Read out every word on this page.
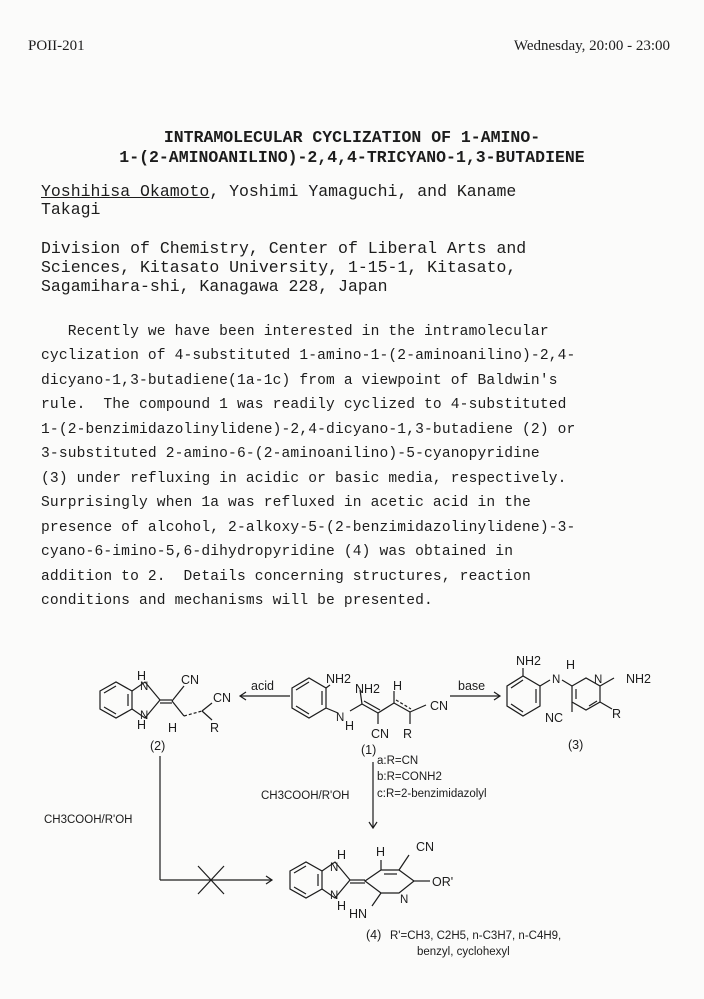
POII-201	Wednesday, 20:00 - 23:00
INTRAMOLECULAR CYCLIZATION OF 1-AMINO-
1-(2-AMINOANILINO)-2,4,4-TRICYANO-1,3-BUTADIENE
Yoshihisa Okamoto, Yoshimi Yamaguchi, and Kaname
Takagi
Division of Chemistry, Center of Liberal Arts and
Sciences, Kitasato University, 1-15-1, Kitasato,
Sagamihara-shi, Kanagawa 228, Japan
Recently we have been interested in the intramolecular
cyclization of 4-substituted 1-amino-1-(2-aminoanilino)-2,4-
dicyano-1,3-butadiene(1a-1c) from a viewpoint of Baldwin's
rule.  The compound 1 was readily cyclized to 4-substituted
1-(2-benzimidazolinylidene)-2,4-dicyano-1,3-butadiene (2) or
3-substituted 2-amino-6-(2-aminoanilino)-5-cyanopyridine
(3) under refluxing in acidic or basic media, respectively.
Surprisingly when 1a was refluxed in acetic acid in the
presence of alcohol, 2-alkoxy-5-(2-benzimidazolinylidene)-3-
cyano-6-imino-5,6-dihydropyridine (4) was obtained in
addition to 2.  Details concerning structures, reaction
conditions and mechanisms will be presented.
H
H
N
N
CN
CN
H	R
(2)
acid	NH2
NH2
N
H
H
CN
CN R
(1)
a:R=CN
b:R=CONH2
c:R=2-benzimidazolyl
base
NH2 H
N	N NH2
NC	R
(3)
CH3COOH/R'OH
CH3COOH/R'OH
H
H
N
N
H CN
N
OR'
HN
(4) R'=CH3, C2H5, n-C3H7, n-C4H9,
benzyl, cyclohexyl
